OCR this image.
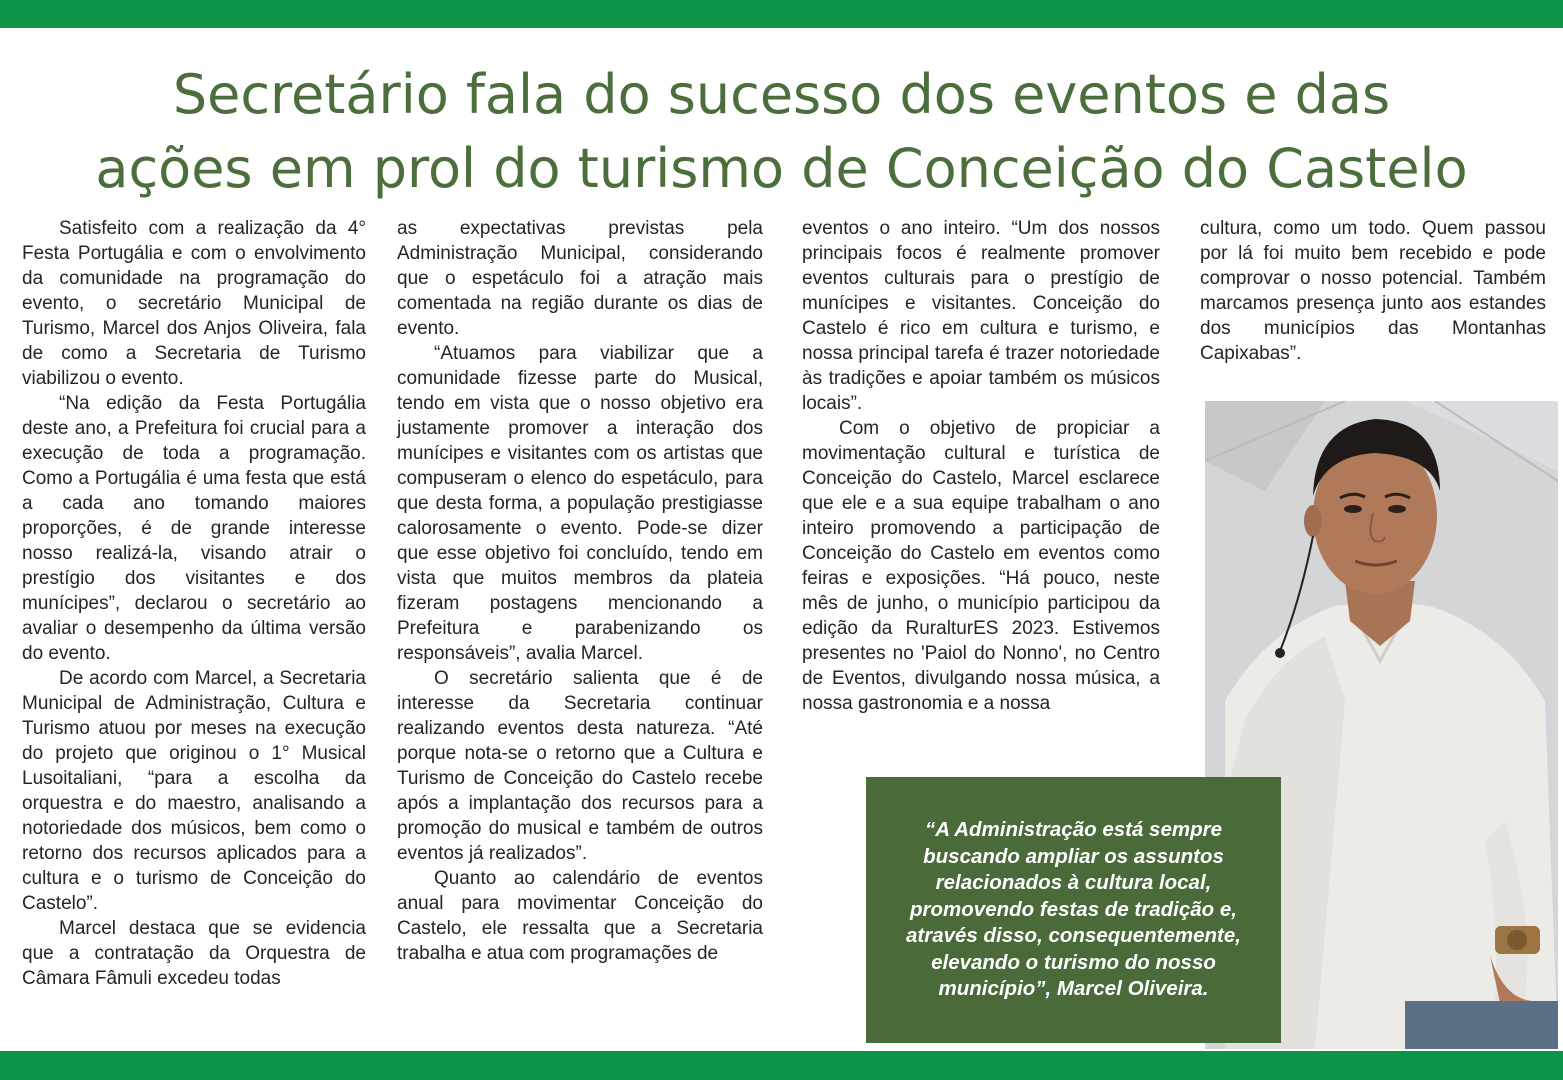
Secretário fala do sucesso dos eventos e das
ações em prol do turismo de Conceição do Castelo

Satisfeito com a realização da 4° Festa Portugália e com o envolvimento da comunidade na programação do evento, o secretário Municipal de Turismo, Marcel dos Anjos Oliveira, fala de como a Secretaria de Turismo viabilizou o evento.

“Na edição da Festa Portugália deste ano, a Prefeitura foi crucial para a execução de toda a programação. Como a Portugália é uma festa que está a cada ano tomando maiores proporções, é de grande interesse nosso realizá-la, visando atrair o prestígio dos visitantes e dos munícipes”, declarou o secretário ao avaliar o desempenho da última versão do evento.

De acordo com Marcel, a Secretaria Municipal de Administração, Cultura e Turismo atuou por meses na execução do projeto que originou o 1° Musical Lusoitaliani, “para a escolha da orquestra e do maestro, analisando a notoriedade dos músicos, bem como o retorno dos recursos aplicados para a cultura e o turismo de Conceição do Castelo”.

Marcel destaca que se evidencia que a contratação da Orquestra de Câmara Fâmuli excedeu todas

as expectativas previstas pela Administração Municipal, considerando que o espetáculo foi a atração mais comentada na região durante os dias de evento.

“Atuamos para viabilizar que a comunidade fizesse parte do Musical, tendo em vista que o nosso objetivo era justamente promover a interação dos munícipes e visitantes com os artistas que compuseram o elenco do espetáculo, para que desta forma, a população prestigiasse calorosamente o evento. Pode-se dizer que esse objetivo foi concluído, tendo em vista que muitos membros da plateia fizeram postagens mencionando a Prefeitura e parabenizando os responsáveis”, avalia Marcel.

O secretário salienta que é de interesse da Secretaria continuar realizando eventos desta natureza. “Até porque nota-se o retorno que a Cultura e Turismo de Conceição do Castelo recebe após a implantação dos recursos para a promoção do musical e também de outros eventos já realizados”.

Quanto ao calendário de eventos anual para movimentar Conceição do Castelo, ele ressalta que a Secretaria trabalha e atua com programações de

eventos o ano inteiro. “Um dos nossos principais focos é realmente promover eventos culturais para o prestígio de munícipes e visitantes. Conceição do Castelo é rico em cultura e turismo, e nossa principal tarefa é trazer notoriedade às tradições e apoiar também os músicos locais”.

Com o objetivo de propiciar a movimentação cultural e turística de Conceição do Castelo, Marcel esclarece que ele e a sua equipe trabalham o ano inteiro promovendo a participação de Conceição do Castelo em eventos como feiras e exposições. “Há pouco, neste mês de junho, o município participou da edição da RuralturES 2023. Estivemos presentes no 'Paiol do Nonno', no Centro de Eventos, divulgando nossa música, a nossa gastronomia e a nossa

cultura, como um todo. Quem passou por lá foi muito bem recebido e pode comprovar o nosso potencial. Também marcamos presença junto aos estandes dos municípios das Montanhas Capixabas”.

“A Administração está sempre buscando ampliar os assuntos relacionados à cultura local, promovendo festas de tradição e, através disso, consequentemente, elevando o turismo do nosso município”, Marcel Oliveira.
